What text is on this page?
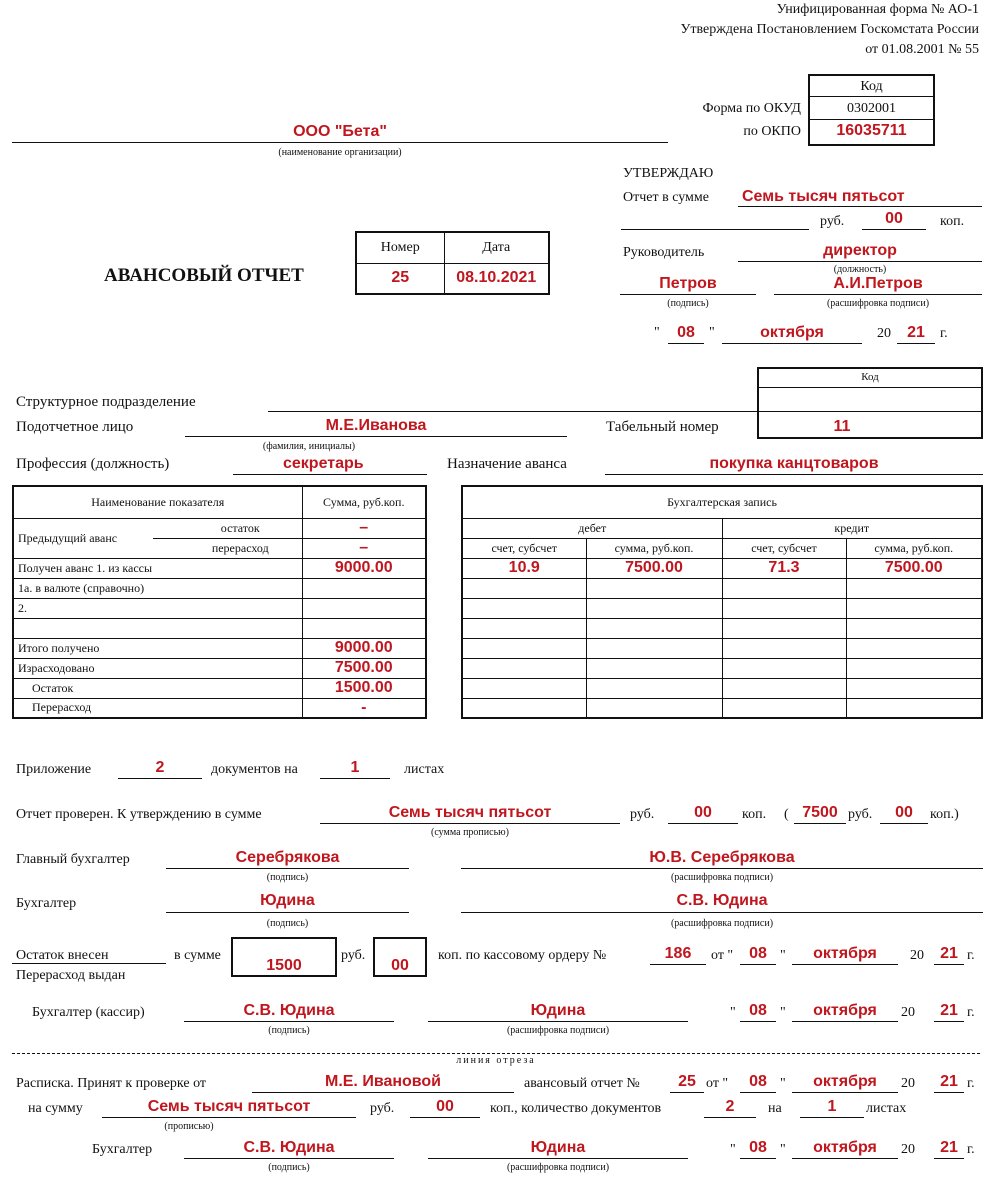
Унифицированная форма № АО-1
Утверждена Постановлением Госкомстата России
от 01.08.2001 № 55
Код
Форма по ОКУД	0302001
по ОКПО	16035711
ООО "Бета"
(наименование организации)
АВАНСОВЫЙ ОТЧЕТ
Номер	Дата
25	08.10.2021
УТВЕРЖДАЮ
Отчет в сумме Семь тысяч пятьсот
руб.	00	коп.
Руководитель	директор
(должность)
Петров
(подпись)
А.И.Петров
(расшифровка подписи)
"	08	"	октября	20	21	г.
Код
Структурное подразделение
Подотчетное лицо	М.Е.Иванова
(фамилия, инициалы)
Табельный номер	11
Профессия (должность)	секретарь	Назначение аванса	покупка канцтоваров
Наименование показателя		Сумма, руб.коп.
Предыдущий аванс	остаток	–
	перерасход	–
Получен аванс 1. из кассы		9000.00
1а. в валюте (справочно)		
2.		

Итого получено		9000.00
Израсходовано		7500.00
Остаток		1500.00
Перерасход		-
Бухгалтерская запись			
дебет		кредит	
счет, субсчет	сумма, руб.коп.	счет, субсчет	сумма, руб.коп.
10.9	7500.00	71.3	7500.00

Приложение	2	документов на	1	листах
Отчет проверен. К утверждению в сумме	Семь тысяч пятьсот
(сумма прописью)
руб.	00	коп. ( 7500 руб.	00	коп.)
Главный бухгалтер	Серебрякова
(подпись)
Ю.В. Серебрякова
(расшифровка подписи)
Бухгалтер	Юдина
(подпись)
С.В. Юдина
(расшифровка подписи)
Остаток внесен
Перерасход выдан
в сумме
1500
руб.
00
коп. по кассовому ордеру №	186	от " 08 "	октября	20	21 г.
Бухгалтер (кассир)	С.В. Юдина
(подпись)
Юдина
(расшифровка подписи)
" 08 "	октября	20	21 г.
линия отреза
Расписка. Принят к проверке от	М.Е. Ивановой	авансовый отчет №	25 от "	08 "	октября	20	21 г.
на сумму	Семь тысяч пятьсот
(прописью)
руб.	00	коп., количество документов	2	на	1	листах
Бухгалтер	С.В. Юдина
(подпись)
Юдина
(расшифровка подписи)
" 08 "	октября	20	21 г.
